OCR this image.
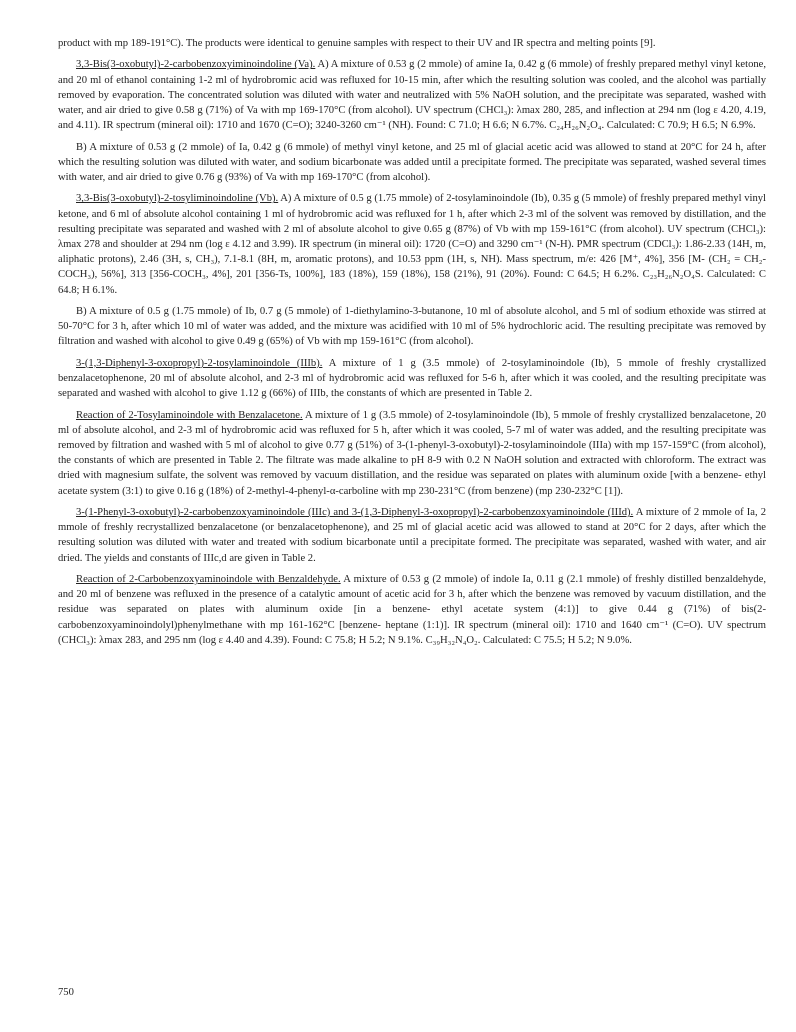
product with mp 189-191°C). The products were identical to genuine samples with respect to their UV and IR spectra and melting points [9].

3,3-Bis(3-oxobutyl)-2-carbobenzoxyiminoindoline (Va). A) A mixture of 0.53 g (2 mmole) of amine Ia, 0.42 g (6 mmole) of freshly prepared methyl vinyl ketone, and 20 ml of ethanol containing 1-2 ml of hydrobromic acid was refluxed for 10-15 min, after which the resulting solution was cooled, and the alcohol was partially removed by evaporation. The concentrated solution was diluted with water and neutralized with 5% NaOH solution, and the precipitate was separated, washed with water, and air dried to give 0.58 g (71%) of Va with mp 169-170°C (from alcohol). UV spectrum (CHCl₃): λmax 280, 285, and inflection at 294 nm (log ε 4.20, 4.19, and 4.11). IR spectrum (mineral oil): 1710 and 1670 (C=O); 3240-3260 cm⁻¹ (NH). Found: C 71.0; H 6.6; N 6.7%. C₂₄H₂₆N₂O₄. Calculated: C 70.9; H 6.5; N 6.9%.

B) A mixture of 0.53 g (2 mmole) of Ia, 0.42 g (6 mmole) of methyl vinyl ketone, and 25 ml of glacial acetic acid was allowed to stand at 20°C for 24 h, after which the resulting solution was diluted with water, and sodium bicarbonate was added until a precipitate formed. The precipitate was separated, washed several times with water, and air dried to give 0.76 g (93%) of Va with mp 169-170°C (from alcohol).

3,3-Bis(3-oxobutyl)-2-tosyliminoindoline (Vb). A) A mixture of 0.5 g (1.75 mmole) of 2-tosylaminoindole (Ib), 0.35 g (5 mmole) of freshly prepared methyl vinyl ketone, and 6 ml of absolute alcohol containing 1 ml of hydrobromic acid was refluxed for 1 h, after which 2-3 ml of the solvent was removed by distillation, and the resulting precipitate was separated and washed with 2 ml of absolute alcohol to give 0.65 g (87%) of Vb with mp 159-161°C (from alcohol). UV spectrum (CHCl₃): λmax 278 and shoulder at 294 nm (log ε 4.12 and 3.99). IR spectrum (in mineral oil): 1720 (C=O) and 3290 cm⁻¹ (N-H). PMR spectrum (CDCl₃): 1.86-2.33 (14H, m, aliphatic protons), 2.46 (3H, s, CH₃), 7.1-8.1 (8H, m, aromatic protons), and 10.53 ppm (1H, s, NH). Mass spectrum, m/e: 426 [M⁺, 4%], 356 [M- (CH₂ = CH₂-COCH₃), 56%], 313 [356-COCH₃, 4%], 201 [356-Ts, 100%], 183 (18%), 159 (18%), 158 (21%), 91 (20%). Found: C 64.5; H 6.2%. C₂₃H₂₆N₂O₄S. Calculated: C 64.8; H 6.1%.

B) A mixture of 0.5 g (1.75 mmole) of Ib, 0.7 g (5 mmole) of 1-diethylamino-3-butanone, 10 ml of absolute alcohol, and 5 ml of sodium ethoxide was stirred at 50-70°C for 3 h, after which 10 ml of water was added, and the mixture was acidified with 10 ml of 5% hydrochloric acid. The resulting precipitate was removed by filtration and washed with alcohol to give 0.49 g (65%) of Vb with mp 159-161°C (from alcohol).

3-(1,3-Diphenyl-3-oxopropyl)-2-tosylaminoindole (IIIb). A mixture of 1 g (3.5 mmole) of 2-tosylaminoindole (Ib), 5 mmole of freshly crystallized benzalacetophenone, 20 ml of absolute alcohol, and 2-3 ml of hydrobromic acid was refluxed for 5-6 h, after which it was cooled, and the resulting precipitate was separated and washed with alcohol to give 1.12 g (66%) of IIIb, the constants of which are presented in Table 2.

Reaction of 2-Tosylaminoindole with Benzalacetone. A mixture of 1 g (3.5 mmole) of 2-tosylaminoindole (Ib), 5 mmole of freshly crystallized benzalacetone, 20 ml of absolute alcohol, and 2-3 ml of hydrobromic acid was refluxed for 5 h, after which it was cooled, 5-7 ml of water was added, and the resulting precipitate was removed by filtration and washed with 5 ml of alcohol to give 0.77 g (51%) of 3-(1-phenyl-3-oxobutyl)-2-tosylaminoindole (IIIa) with mp 157-159°C (from alcohol), the constants of which are presented in Table 2. The filtrate was made alkaline to pH 8-9 with 0.2 N NaOH solution and extracted with chloroform. The extract was dried with magnesium sulfate, the solvent was removed by vacuum distillation, and the residue was separated on plates with aluminum oxide [with a benzene- ethyl acetate system (3:1) to give 0.16 g (18%) of 2-methyl-4-phenyl-α-carboline with mp 230-231°C (from benzene) (mp 230-232°C [1]).

3-(1-Phenyl-3-oxobutyl)-2-carbobenzoxyaminoindole (IIIc) and 3-(1,3-Diphenyl-3-oxopropyl)-2-carbobenzoxyaminoindole (IIId). A mixture of 2 mmole of Ia, 2 mmole of freshly recrystallized benzalacetone (or benzalacetophenone), and 25 ml of glacial acetic acid was allowed to stand at 20°C for 2 days, after which the resulting solution was diluted with water and treated with sodium bicarbonate until a precipitate formed. The precipitate was separated, washed with water, and air dried. The yields and constants of IIIc,d are given in Table 2.

Reaction of 2-Carbobenzoxyaminoindole with Benzaldehyde. A mixture of 0.53 g (2 mmole) of indole Ia, 0.11 g (2.1 mmole) of freshly distilled benzaldehyde, and 20 ml of benzene was refluxed in the presence of a catalytic amount of acetic acid for 3 h, after which the benzene was removed by vacuum distillation, and the residue was separated on plates with aluminum oxide [in a benzene- ethyl acetate system (4:1)] to give 0.44 g (71%) of bis(2-carbobenzoxyaminoindolyl)phenylmethane with mp 161-162°C [benzene- heptane (1:1)]. IR spectrum (mineral oil): 1710 and 1640 cm⁻¹ (C=O). UV spectrum (CHCl₃): λmax 283, and 295 nm (log ε 4.40 and 4.39). Found: C 75.8; H 5.2; N 9.1%. C₃₉H₃₂N₄O₂. Calculated: C 75.5; H 5.2; N 9.0%.

750
